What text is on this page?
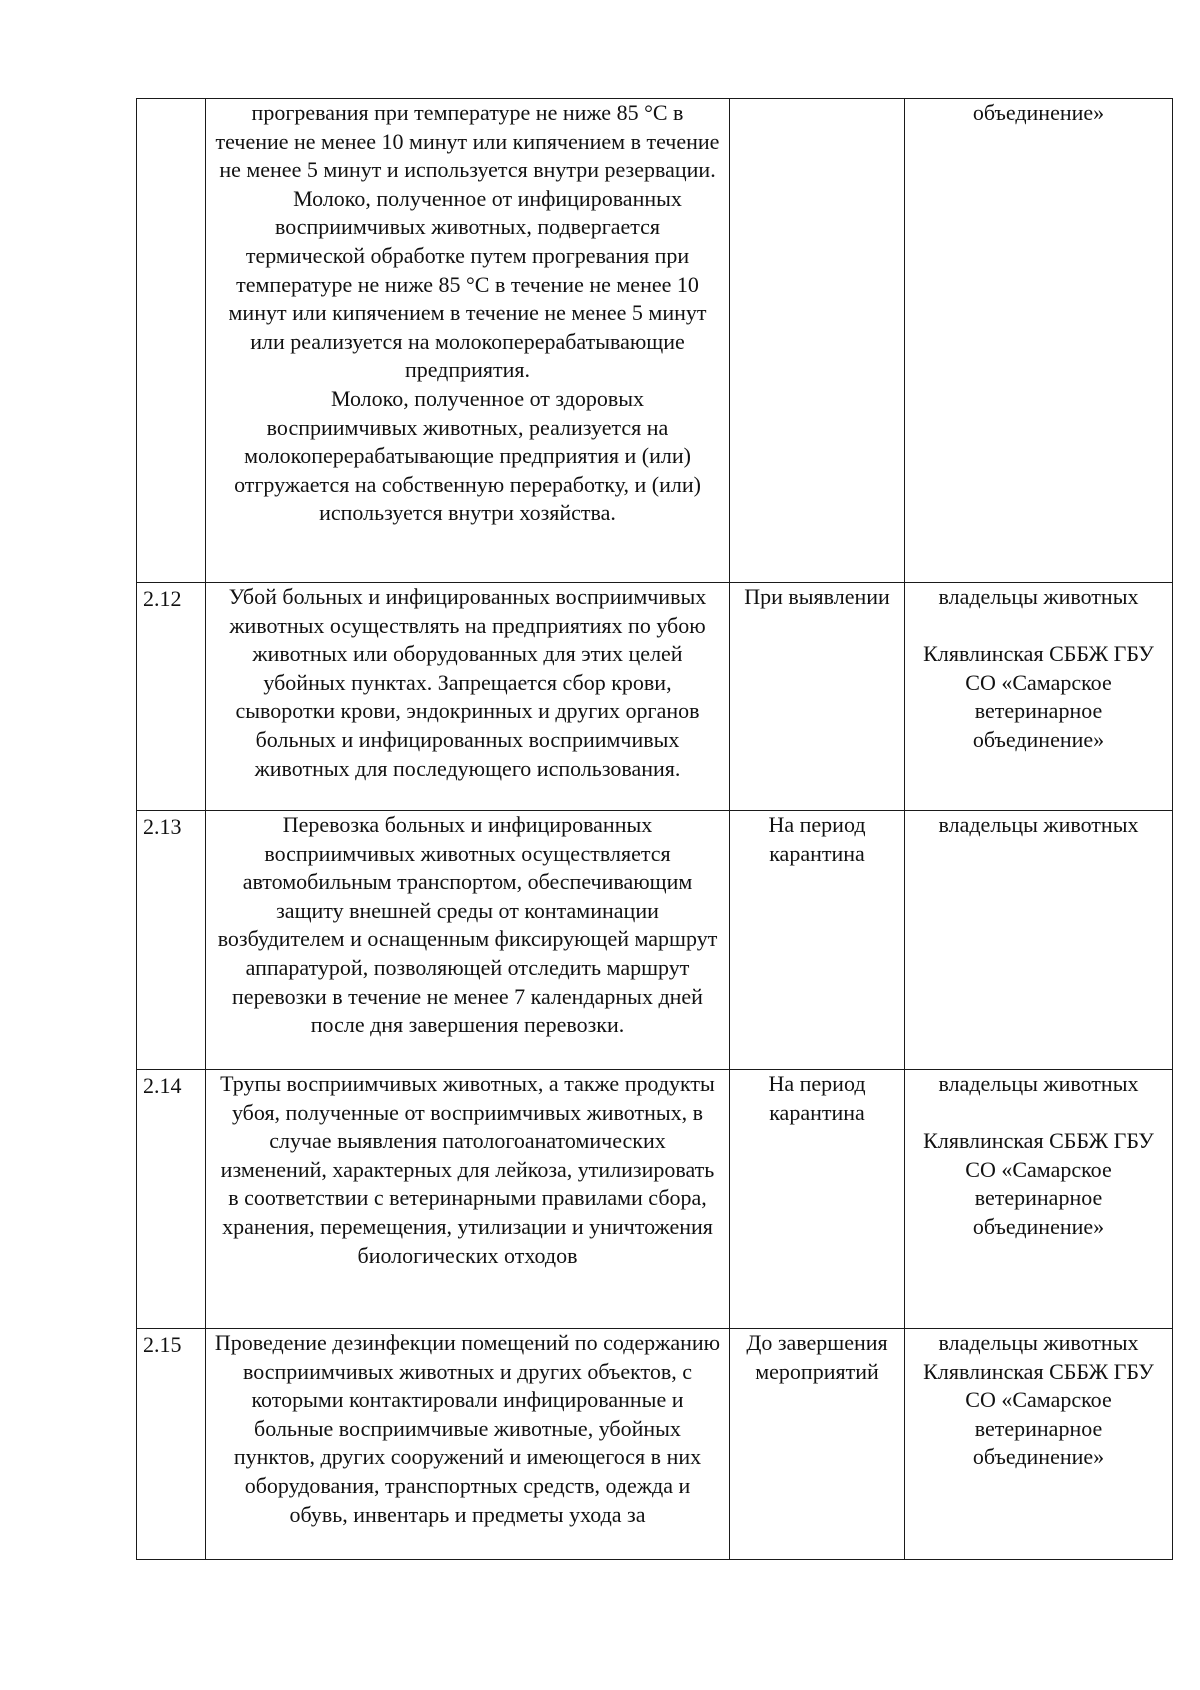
	прогревания при температуре не ниже 85 °С в течение не менее 10 минут или кипячением в течение не менее 5 минут и используется внутри резервации.
Молоко, полученное от инфицированных восприимчивых животных, подвергается термической обработке путем прогревания при температуре не ниже 85 °С в течение не менее 10 минут или кипячением в течение не менее 5 минут или реализуется на молокоперерабатывающие предприятия.
Молоко, полученное от здоровых восприимчивых животных, реализуется на молокоперерабатывающие предприятия и (или) отгружается на собственную переработку, и (или) используется внутри хозяйства.		объединение»

2.12	Убой больных и инфицированных восприимчивых животных осуществлять на предприятиях по убою животных или оборудованных для этих целей убойных пунктах. Запрещается сбор крови, сыворотки крови, эндокринных и других органов больных и инфицированных восприимчивых животных для последующего использования.	При выявлении	владельцы животных
Клявлинская СББЖ ГБУ СО «Самарское ветеринарное объединение»

2.13	Перевозка больных и инфицированных восприимчивых животных осуществляется автомобильным транспортом, обеспечивающим защиту внешней среды от контаминации возбудителем и оснащенным фиксирующей маршрут аппаратурой, позволяющей отследить маршрут перевозки в течение не менее 7 календарных дней после дня завершения перевозки.	На период карантина	владельцы животных

2.14	Трупы восприимчивых животных, а также продукты убоя, полученные от восприимчивых животных, в случае выявления патологоанатомических изменений, характерных для лейкоза, утилизировать в соответствии с ветеринарными правилами сбора, хранения, перемещения, утилизации и уничтожения биологических отходов	На период карантина	владельцы животных
Клявлинская СББЖ ГБУ СО «Самарское ветеринарное объединение»

2.15	Проведение дезинфекции помещений по содержанию восприимчивых животных и других объектов, с которыми контактировали инфицированные и больные восприимчивые животные, убойных пунктов, других сооружений и имеющегося в них оборудования, транспортных средств, одежда и обувь, инвентарь и предметы ухода за	До завершения мероприятий	владельцы животных
Клявлинская СББЖ ГБУ СО «Самарское ветеринарное объединение»
